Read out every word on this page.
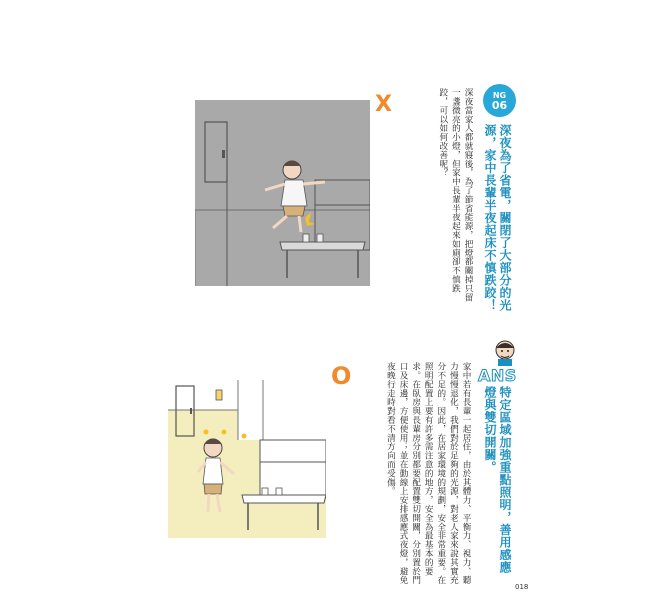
NG
06
深夜為了省電，關閉了大部分的光源，家中長輩半夜起床不慎跌跤！
深夜當家人都就寢後，為了節省能源，把燈都關掉只留一盞微亮的小燈，但家中長輩半夜起來如廁卻不慎跌跤，可以如何改善呢？
X
ANS
特定區域加強重點照明，善用感應燈與雙切開關。
家中若有長輩一起居住，由於其體力、平衡力、視力、聽力慢慢退化，我們對於足夠的光源，對老人家來說其實充分不足的。因此，在居家環境的規劃，安全非常重要。在照明配置上要有許多需注意的地方，安全為最基本的要求。在臥房與長輩房分別都要配置雙切開關，分別置於門口及床邊，方便使用；並在動線上安排感應式夜燈，避免夜晚行走時對看不清方向而受傷。
O
018
